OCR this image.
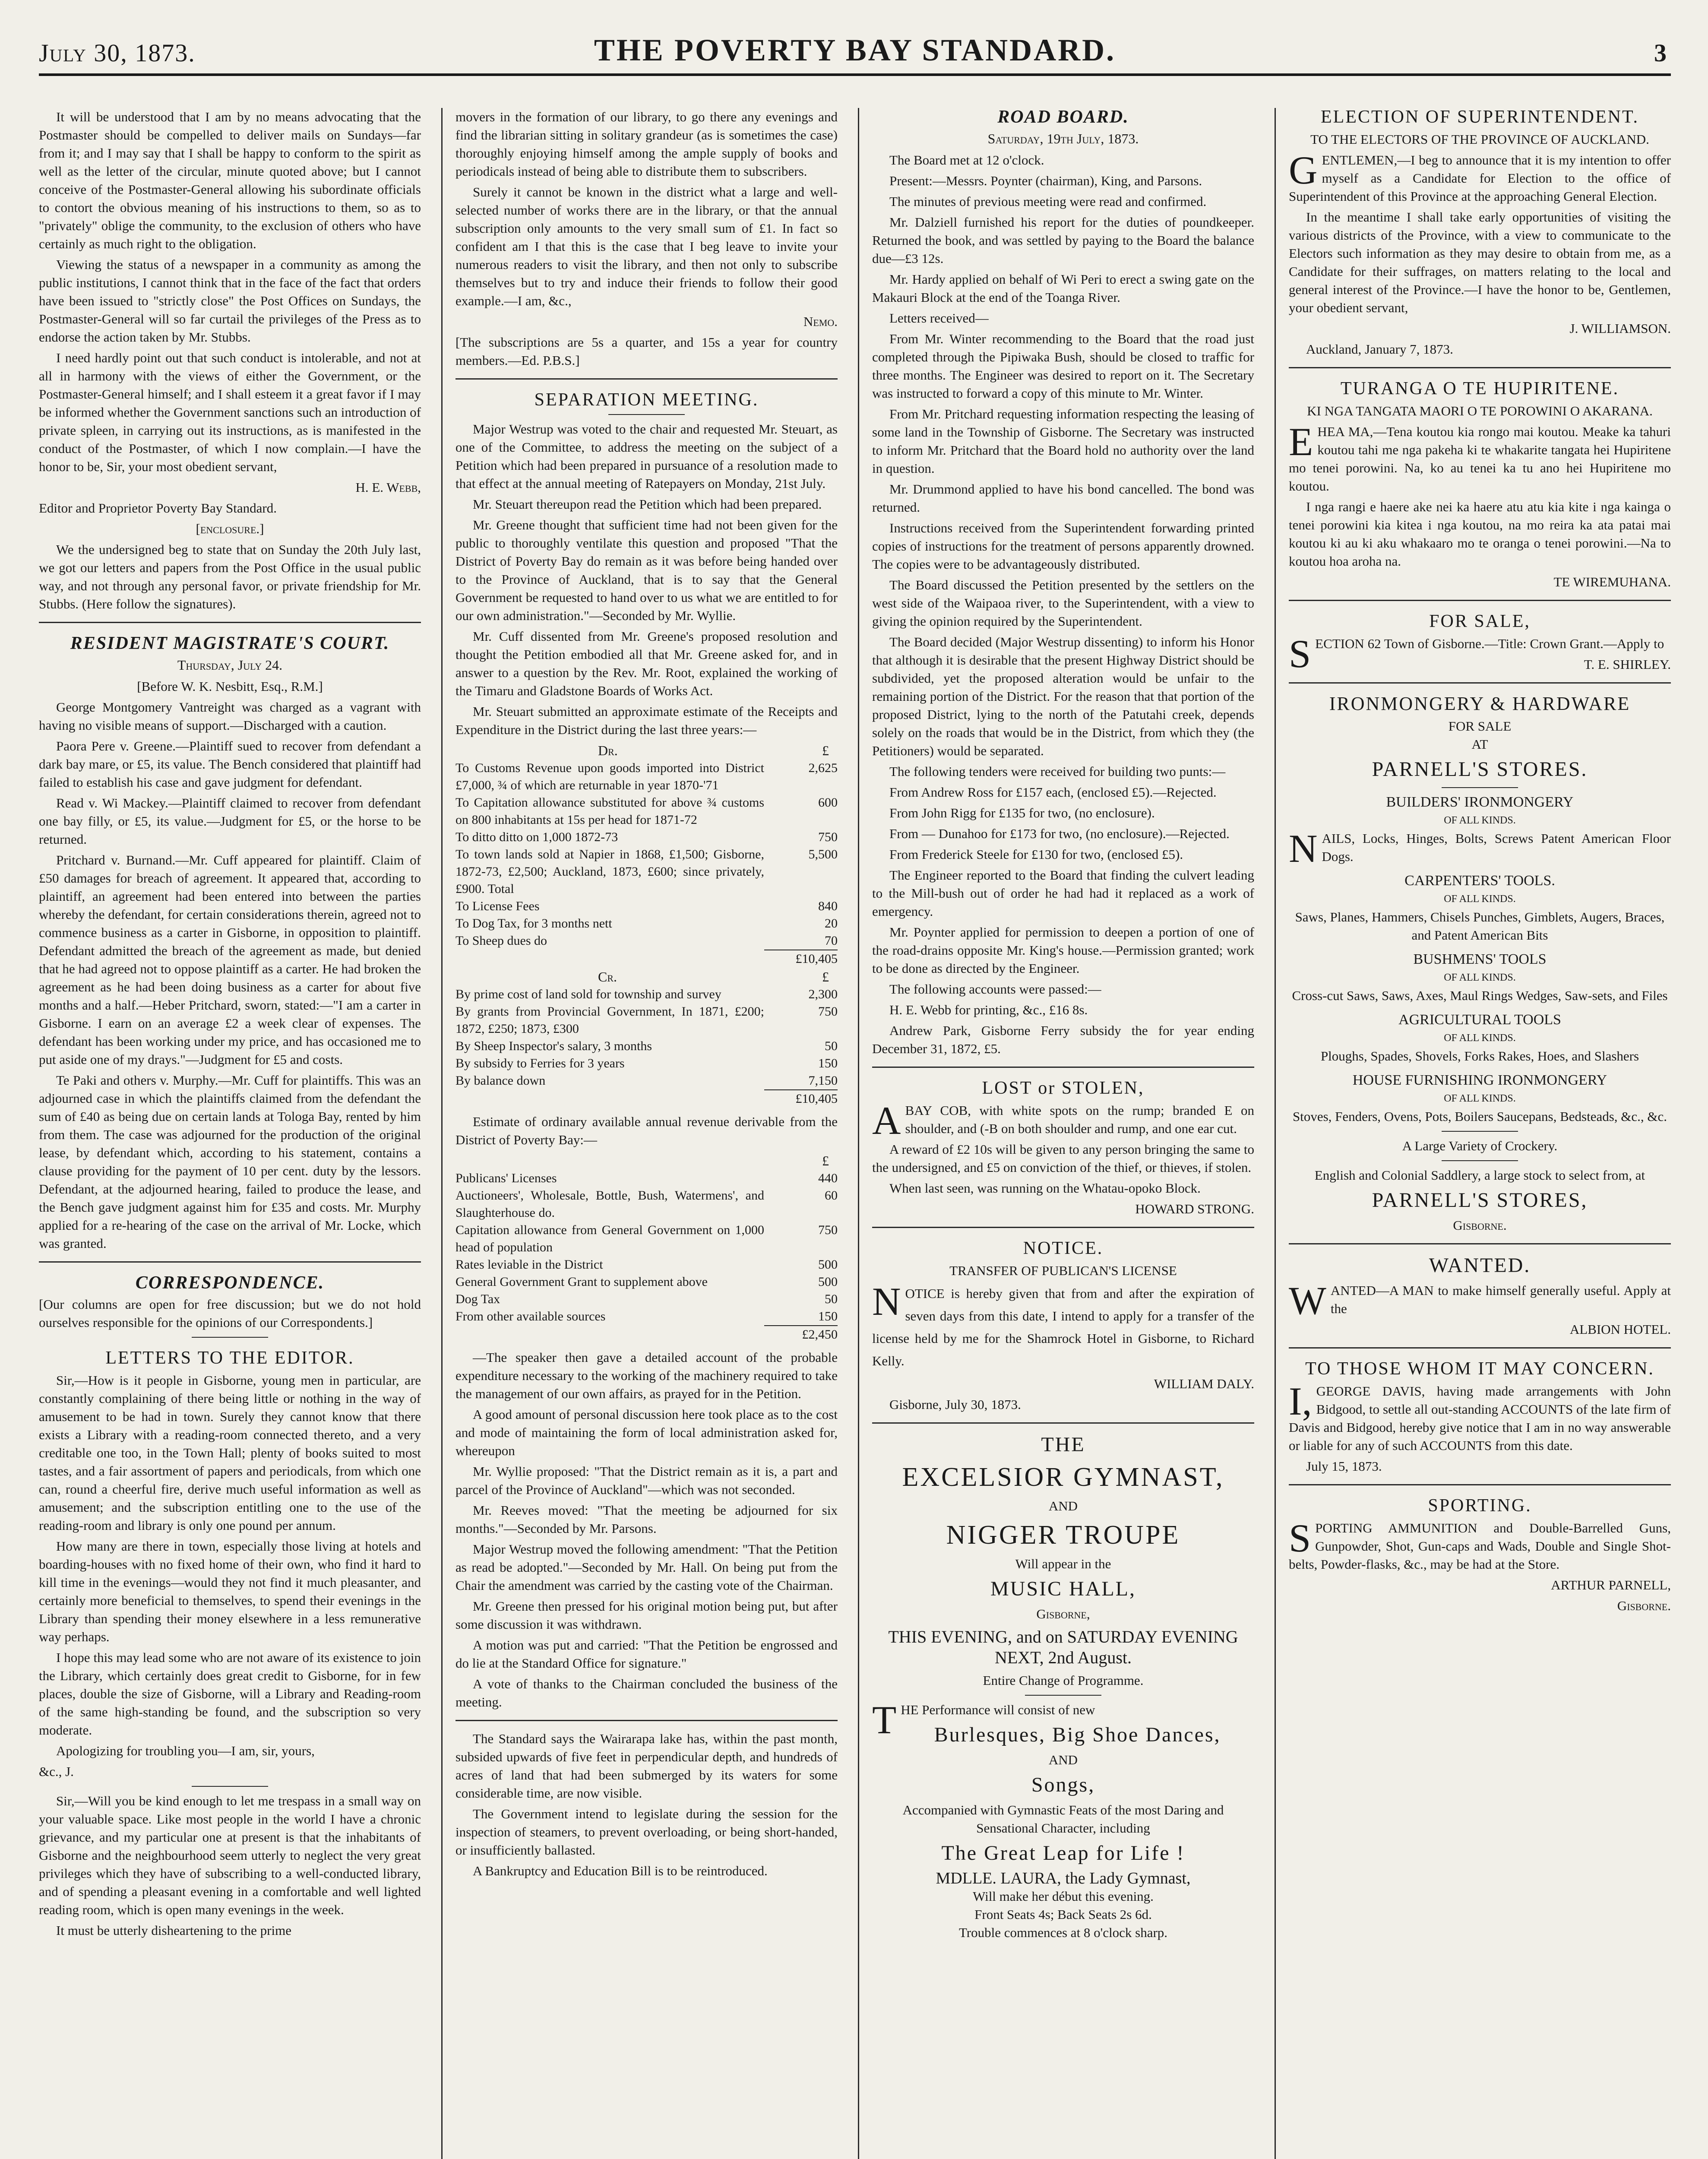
July 30, 1873.	THE POVERTY BAY STANDARD.	3

It will be understood that I am by no means advocating that the Postmaster should be compelled to deliver mails on Sundays—far from it; and I may say that I shall be happy to conform to the spirit as well as the letter of the circular, minute quoted above; but I cannot conceive of the Postmaster-General allowing his subordinate officials to contort the obvious meaning of his instructions to them, so as to "privately" oblige the community, to the exclusion of others who have certainly as much right to the obligation.

Viewing the status of a newspaper in a community as among the public institutions, I cannot think that in the face of the fact that orders have been issued to "strictly close" the Post Offices on Sundays, the Postmaster-General will so far curtail the privileges of the Press as to endorse the action taken by Mr. Stubbs.

I need hardly point out that such conduct is intolerable, and not at all in harmony with the views of either the Government, or the Postmaster-General himself; and I shall esteem it a great favor if I may be informed whether the Government sanctions such an introduction of private spleen, in carrying out its instructions, as is manifested in the conduct of the Postmaster, of which I now complain.—I have the honor to be, Sir, your most obedient servant,

H. E. Webb,

Editor and Proprietor Poverty Bay Standard.

[enclosure.]

We the undersigned beg to state that on Sunday the 20th July last, we got our letters and papers from the Post Office in the usual public way, and not through any personal favor, or private friendship for Mr. Stubbs. (Here follow the signatures).

RESIDENT MAGISTRATE'S COURT.
Thursday, July 24.

[Before W. K. Nesbitt, Esq., R.M.]

George Montgomery Vantreight was charged as a vagrant with having no visible means of support.—Discharged with a caution.

Paora Pere v. Greene.—Plaintiff sued to recover from defendant a dark bay mare, or £5, its value. The Bench considered that plaintiff had failed to establish his case and gave judgment for defendant.

Read v. Wi Mackey.—Plaintiff claimed to recover from defendant one bay filly, or £5, its value.—Judgment for £5, or the horse to be returned.

Pritchard v. Burnand.—Mr. Cuff appeared for plaintiff. Claim of £50 damages for breach of agreement. It appeared that, according to plaintiff, an agreement had been entered into between the parties whereby the defendant, for certain considerations therein, agreed not to commence business as a carter in Gisborne, in opposition to plaintiff. Defendant admitted the breach of the agreement as made, but denied that he had agreed not to oppose plaintiff as a carter. He had broken the agreement as he had been doing business as a carter for about five months and a half.—Heber Pritchard, sworn, stated:—"I am a carter in Gisborne. I earn on an average £2 a week clear of expenses. The defendant has been working under my price, and has occasioned me to put aside one of my drays."—Judgment for £5 and costs.

Te Paki and others v. Murphy.—Mr. Cuff for plaintiffs. This was an adjourned case in which the plaintiffs claimed from the defendant the sum of £40 as being due on certain lands at Tologa Bay, rented by him from them. The case was adjourned for the production of the original lease, by defendant which, according to his statement, contains a clause providing for the payment of 10 per cent. duty by the lessors. Defendant, at the adjourned hearing, failed to produce the lease, and the Bench gave judgment against him for £35 and costs. Mr. Murphy applied for a re-hearing of the case on the arrival of Mr. Locke, which was granted.

CORRESPONDENCE.

[Our columns are open for free discussion; but we do not hold ourselves responsible for the opinions of our Correspondents.]

LETTERS TO THE EDITOR.

Sir,—How is it people in Gisborne, young men in particular, are constantly complaining of there being little or nothing in the way of amusement to be had in town. Surely they cannot know that there exists a Library with a reading-room connected thereto, and a very creditable one too, in the Town Hall; plenty of books suited to most tastes, and a fair assortment of papers and periodicals, from which one can, round a cheerful fire, derive much useful information as well as amusement; and the subscription entitling one to the use of the reading-room and library is only one pound per annum.

How many are there in town, especially those living at hotels and boarding-houses with no fixed home of their own, who find it hard to kill time in the evenings—would they not find it much pleasanter, and certainly more beneficial to themselves, to spend their evenings in the Library than spending their money elsewhere in a less remunerative way perhaps.

I hope this may lead some who are not aware of its existence to join the Library, which certainly does great credit to Gisborne, for in few places, double the size of Gisborne, will a Library and Reading-room of the same high-standing be found, and the subscription so very moderate.

Apologizing for troubling you—I am, sir, yours,

&c., J.

Sir,—Will you be kind enough to let me trespass in a small way on your valuable space. Like most people in the world I have a chronic grievance, and my particular one at present is that the inhabitants of Gisborne and the neighbourhood seem utterly to neglect the very great privileges which they have of subscribing to a well-conducted library, and of spending a pleasant evening in a comfortable and well lighted reading room, which is open many evenings in the week.

It must be utterly disheartening to the prime

movers in the formation of our library, to go there any evenings and find the librarian sitting in solitary grandeur (as is sometimes the case) thoroughly enjoying himself among the ample supply of books and periodicals instead of being able to distribute them to subscribers.

Surely it cannot be known in the district what a large and well-selected number of works there are in the library, or that the annual subscription only amounts to the very small sum of £1. In fact so confident am I that this is the case that I beg leave to invite your numerous readers to visit the library, and then not only to subscribe themselves but to try and induce their friends to follow their good example.—I am, &c.,

Nemo.

[The subscriptions are 5s a quarter, and 15s a year for country members.—Ed. P.B.S.]

SEPARATION MEETING.

Major Westrup was voted to the chair and requested Mr. Steuart, as one of the Committee, to address the meeting on the subject of a Petition which had been prepared in pursuance of a resolution made to that effect at the annual meeting of Ratepayers on Monday, 21st July.

Mr. Steuart thereupon read the Petition which had been prepared.

Mr. Greene thought that sufficient time had not been given for the public to thoroughly ventilate this question and proposed "That the District of Poverty Bay do remain as it was before being handed over to the Province of Auckland, that is to say that the General Government be requested to hand over to us what we are entitled to for our own administration."—Seconded by Mr. Wyllie.

Mr. Cuff dissented from Mr. Greene's proposed resolution and thought the Petition embodied all that Mr. Greene asked for, and in answer to a question by the Rev. Mr. Root, explained the working of the Timaru and Gladstone Boards of Works Act.

Mr. Steuart submitted an approximate estimate of the Receipts and Expenditure in the District during the last three years:—

Dr.	£
To Customs Revenue upon goods imported into District £7,000, ¾ of which are returnable in year 1870-'71	2,625
To Capitation allowance substituted for above ¾ customs on 800 inhabitants at 15s per head for 1871-72	600
To ditto ditto on 1,000 1872-73	750
To town lands sold at Napier in 1868, £1,500; Gisborne, 1872-73, £2,500; Auckland, 1873, £600; since privately, £900. Total	5,500
To License Fees	840
To Dog Tax, for 3 months nett	20
To Sheep dues do	70
	£10,405
Cr.	£
By prime cost of land sold for township and survey	2,300
By grants from Provincial Government, In 1871, £200; 1872, £250; 1873, £300	750
By Sheep Inspector's salary, 3 months	50
By subsidy to Ferries for 3 years	150
By balance down	7,150
	£10,405

Estimate of ordinary available annual revenue derivable from the District of Poverty Bay:—

£
Publicans' Licenses	440
Auctioneers', Wholesale, Bottle, Bush, Watermens', and Slaughterhouse do.	60
Capitation allowance from General Government on 1,000 head of population	750
Rates leviable in the District	500
General Government Grant to supplement above	500
Dog Tax	50
From other available sources	150
	£2,450

—The speaker then gave a detailed account of the probable expenditure necessary to the working of the machinery required to take the management of our own affairs, as prayed for in the Petition.

A good amount of personal discussion here took place as to the cost and mode of maintaining the form of local administration asked for, whereupon

Mr. Wyllie proposed: "That the District remain as it is, a part and parcel of the Province of Auckland"—which was not seconded.

Mr. Reeves moved: "That the meeting be adjourned for six months."—Seconded by Mr. Parsons.

Major Westrup moved the following amendment: "That the Petition as read be adopted."—Seconded by Mr. Hall. On being put from the Chair the amendment was carried by the casting vote of the Chairman.

Mr. Greene then pressed for his original motion being put, but after some discussion it was withdrawn.

A motion was put and carried: "That the Petition be engrossed and do lie at the Standard Office for signature."

A vote of thanks to the Chairman concluded the business of the meeting.

The Standard says the Wairarapa lake has, within the past month, subsided upwards of five feet in perpendicular depth, and hundreds of acres of land that had been submerged by its waters for some considerable time, are now visible.

The Government intend to legislate during the session for the inspection of steamers, to prevent overloading, or being short-handed, or insufficiently ballasted.

A Bankruptcy and Education Bill is to be reintroduced.

ROAD BOARD.
Saturday, 19th July, 1873.

The Board met at 12 o'clock.

Present:—Messrs. Poynter (chairman), King, and Parsons.

The minutes of previous meeting were read and confirmed.

Mr. Dalziell furnished his report for the duties of poundkeeper. Returned the book, and was settled by paying to the Board the balance due—£3 12s.

Mr. Hardy applied on behalf of Wi Peri to erect a swing gate on the Makauri Block at the end of the Toanga River.

Letters received—

From Mr. Winter recommending to the Board that the road just completed through the Pipiwaka Bush, should be closed to traffic for three months. The Engineer was desired to report on it. The Secretary was instructed to forward a copy of this minute to Mr. Winter.

From Mr. Pritchard requesting information respecting the leasing of some land in the Township of Gisborne. The Secretary was instructed to inform Mr. Pritchard that the Board hold no authority over the land in question.

Mr. Drummond applied to have his bond cancelled. The bond was returned.

Instructions received from the Superintendent forwarding printed copies of instructions for the treatment of persons apparently drowned. The copies were to be advantageously distributed.

The Board discussed the Petition presented by the settlers on the west side of the Waipaoa river, to the Superintendent, with a view to giving the opinion required by the Superintendent.

The Board decided (Major Westrup dissenting) to inform his Honor that although it is desirable that the present Highway District should be subdivided, yet the proposed alteration would be unfair to the remaining portion of the District. For the reason that that portion of the proposed District, lying to the north of the Patutahi creek, depends solely on the roads that would be in the District, from which they (the Petitioners) would be separated.

The following tenders were received for building two punts:—

From Andrew Ross for £157 each, (enclosed £5).—Rejected.

From John Rigg for £135 for two, (no enclosure).

From — Dunahoo for £173 for two, (no enclosure).—Rejected.

From Frederick Steele for £130 for two, (enclosed £5).

The Engineer reported to the Board that finding the culvert leading to the Mill-bush out of order he had had it replaced as a work of emergency.

Mr. Poynter applied for permission to deepen a portion of one of the road-drains opposite Mr. King's house.—Permission granted; work to be done as directed by the Engineer.

The following accounts were passed:—

H. E. Webb for printing, &c., £16 8s.

Andrew Park, Gisborne Ferry subsidy the for year ending December 31, 1872, £5.

LOST or STOLEN,

ABAY COB, with white spots on the rump; branded E on shoulder, and (-B on both shoulder and rump, and one ear cut.

A reward of £2 10s will be given to any person bringing the same to the undersigned, and £5 on conviction of the thief, or thieves, if stolen.

When last seen, was running on the Whatau-opoko Block.

HOWARD STRONG.

NOTICE.

TRANSFER OF PUBLICAN'S LICENSE

NOTICE is hereby given that from and after the expiration of seven days from this date, I intend to apply for a transfer of the license held by me for the Shamrock Hotel in Gisborne, to Richard Kelly.

WILLIAM DALY.

Gisborne, July 30, 1873.

THE
EXCELSIOR GYMNAST,
AND
NIGGER TROUPE
Will appear in the
MUSIC HALL,
Gisborne,
THIS EVENING, and on SATURDAY EVENING NEXT, 2nd August.
Entire Change of Programme.

THE Performance will consist of new

Burlesques, Big Shoe Dances,
AND
Songs,
Accompanied with Gymnastic Feats of the most Daring and Sensational Character, including
The Great Leap for Life !
MDLLE. LAURA, the Lady Gymnast,
Will make her début this evening.
Front Seats 4s; Back Seats 2s 6d.
Trouble commences at 8 o'clock sharp.
ELECTION OF SUPERINTENDENT.

TO THE ELECTORS OF THE PROVINCE OF AUCKLAND.

GENTLEMEN,—I beg to announce that it is my intention to offer myself as a Candidate for Election to the office of Superintendent of this Province at the approaching General Election.

In the meantime I shall take early opportunities of visiting the various districts of the Province, with a view to communicate to the Electors such information as they may desire to obtain from me, as a Candidate for their suffrages, on matters relating to the local and general interest of the Province.—I have the honor to be, Gentlemen, your obedient servant,

J. WILLIAMSON.

Auckland, January 7, 1873.

TURANGA O TE HUPIRITENE.

KI NGA TANGATA MAORI O TE POROWINI O AKARANA.

EHEA MA,—Tena koutou kia rongo mai koutou. Meake ka tahuri koutou tahi me nga pakeha ki te whakarite tangata hei Hupiritene mo tenei porowini. Na, ko au tenei ka tu ano hei Hupiritene mo koutou.

I nga rangi e haere ake nei ka haere atu atu kia kite i nga kainga o tenei porowini kia kitea i nga koutou, na mo reira ka ata patai mai koutou ki au ki aku whakaaro mo te oranga o tenei porowini.—Na to koutou hoa aroha na.

TE WIREMUHANA.

FOR SALE,

SECTION 62 Town of Gisborne.—Title: Crown Grant.—Apply to

T. E. SHIRLEY.

IRONMONGERY & HARDWARE
FOR SALE
AT
PARNELL'S STORES.
BUILDERS' IRONMONGERY
OF ALL KINDS.

NAILS, Locks, Hinges, Bolts, Screws Patent American Floor Dogs.

CARPENTERS' TOOLS.
OF ALL KINDS.

Saws, Planes, Hammers, Chisels Punches, Gimblets, Augers, Braces, and Patent American Bits

BUSHMENS' TOOLS
OF ALL KINDS.

Cross-cut Saws, Saws, Axes, Maul Rings Wedges, Saw-sets, and Files

AGRICULTURAL TOOLS
OF ALL KINDS.

Ploughs, Spades, Shovels, Forks Rakes, Hoes, and Slashers

HOUSE FURNISHING IRONMONGERY
OF ALL KINDS.

Stoves, Fenders, Ovens, Pots, Boilers Saucepans, Bedsteads, &c., &c.

A Large Variety of Crockery.

English and Colonial Saddlery, a large stock to select from, at

PARNELL'S STORES,
Gisborne.
WANTED.

WANTED—A MAN to make himself generally useful. Apply at the

ALBION HOTEL.

TO THOSE WHOM IT MAY CONCERN.

I, GEORGE DAVIS, having made arrangements with John Bidgood, to settle all out-standing ACCOUNTS of the late firm of Davis and Bidgood, hereby give notice that I am in no way answerable or liable for any of such ACCOUNTS from this date.

July 15, 1873.

SPORTING.

SPORTING AMMUNITION and Double-Barrelled Guns, Gunpowder, Shot, Gun-caps and Wads, Double and Single Shot-belts, Powder-flasks, &c., may be had at the Store.

ARTHUR PARNELL,

Gisborne.
